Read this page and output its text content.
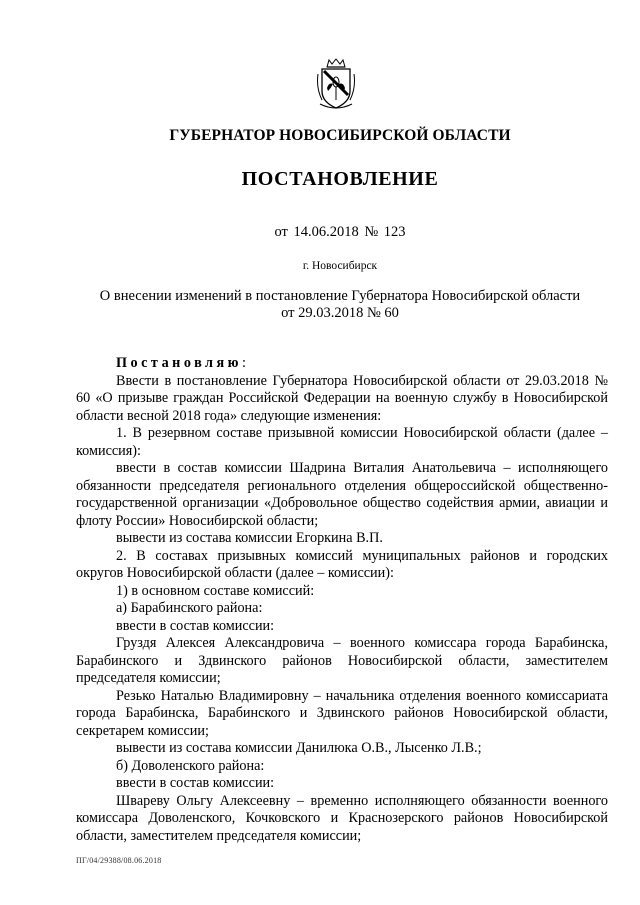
ГУБЕРНАТОР НОВОСИБИРСКОЙ ОБЛАСТИ
ПОСТАНОВЛЕНИЕ
от 14.06.2018 № 123
г. Новосибирск
О внесении изменений в постановление Губернатора Новосибирской области
от 29.03.2018 № 60

Постановляю:

Ввести в постановление Губернатора Новосибирской области от 29.03.2018 № 60 «О призыве граждан Российской Федерации на военную службу в Новосибирской области весной 2018 года» следующие изменения:

1. В резервном составе призывной комиссии Новосибирской области (далее – комиссия):

ввести в состав комиссии Шадрина Виталия Анатольевича – исполняющего обязанности председателя регионального отделения общероссийской общественно-государственной организации «Добровольное общество содействия армии, авиации и флоту России» Новосибирской области;

вывести из состава комиссии Егоркина В.П.

2. В составах призывных комиссий муниципальных районов и городских округов Новосибирской области (далее – комиссии):

1) в основном составе комиссий:

а) Барабинского района:

ввести в состав комиссии:

Груздя Алексея Александровича – военного комиссара города Барабинска, Барабинского и Здвинского районов Новосибирской области, заместителем председателя комиссии;

Резько Наталью Владимировну – начальника отделения военного комиссариата города Барабинска, Барабинского и Здвинского районов Новосибирской области, секретарем комиссии;

вывести из состава комиссии Данилюка О.В., Лысенко Л.В.;

б) Доволенского района:

ввести в состав комиссии:

Швареву Ольгу Алексеевну – временно исполняющего обязанности военного комиссара Доволенского, Кочковского и Краснозерского районов Новосибирской области, заместителем председателя комиссии;

ПГ/04/29388/08.06.2018
